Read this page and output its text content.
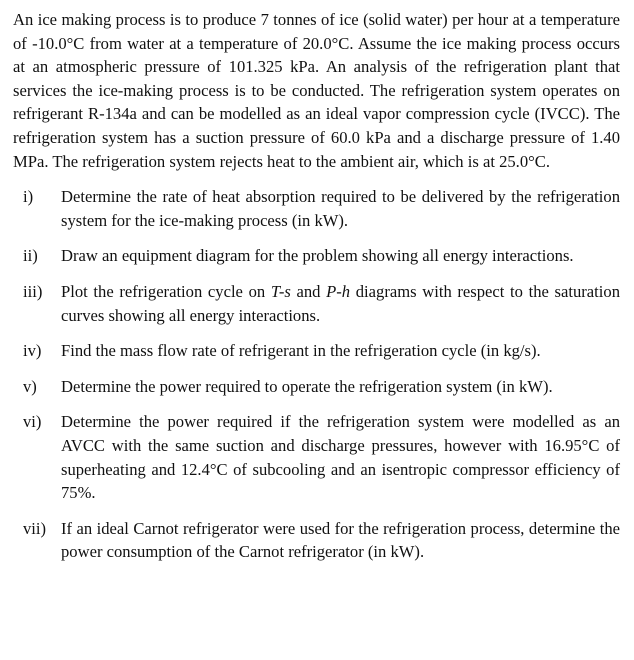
An ice making process is to produce 7 tonnes of ice (solid water) per hour at a temperature of -10.0°C from water at a temperature of 20.0°C. Assume the ice making process occurs at an atmospheric pressure of 101.325 kPa. An analysis of the refrigeration plant that services the ice-making process is to be conducted. The refrigeration system operates on refrigerant R-134a and can be modelled as an ideal vapor compression cycle (IVCC). The refrigeration system has a suction pressure of 60.0 kPa and a discharge pressure of 1.40 MPa. The refrigeration system rejects heat to the ambient air, which is at 25.0°C.

i)	Determine the rate of heat absorption required to be delivered by the refrigeration system for the ice-making process (in kW).
ii)	Draw an equipment diagram for the problem showing all energy interactions.
iii)	Plot the refrigeration cycle on T-s and P-h diagrams with respect to the saturation curves showing all energy interactions.
iv)	Find the mass flow rate of refrigerant in the refrigeration cycle (in kg/s).
v)	Determine the power required to operate the refrigeration system (in kW).
vi)	Determine the power required if the refrigeration system were modelled as an AVCC with the same suction and discharge pressures, however with 16.95°C of superheating and 12.4°C of subcooling and an isentropic compressor efficiency of 75%.
vii) If an ideal Carnot refrigerator were used for the refrigeration process, determine the power consumption of the Carnot refrigerator (in kW).
